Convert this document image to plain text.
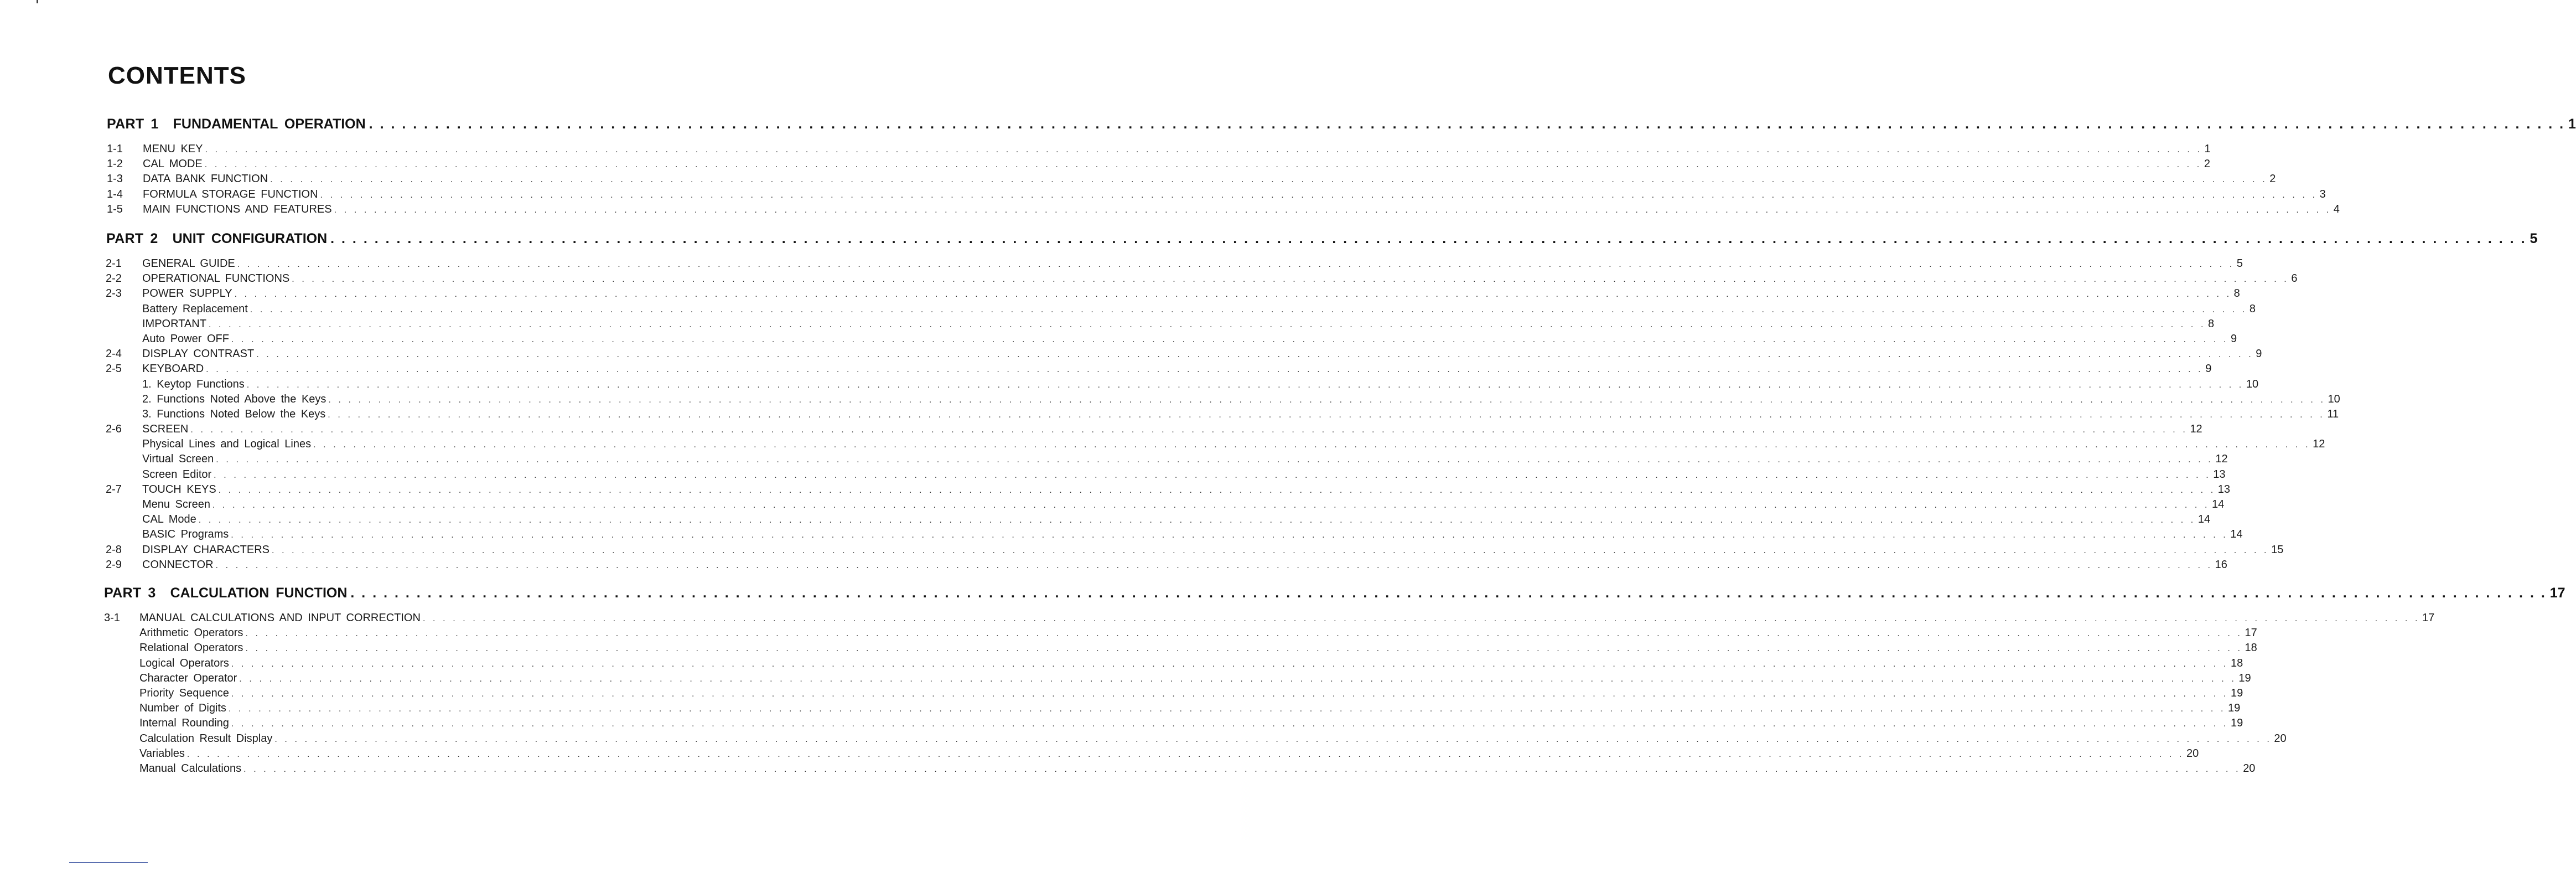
CONTENTS
PART 1 FUNDAMENTAL OPERATION . . . . . . . . . . . . . . . . . . . . . . . . . . . . . . . . . . . . . . . . . . . . . . . . . . . . . . . . . . . . . . . . . . . . . . . . . . . . . . . . . . . . . . . . . . . . . . . . . . . . . . . . . . . . . . . . . . . . . . . . . . . . . . . . . . . . . . . . . . . . . . . . . . . . . . . . . . . . . . . . . . . . . . . . . . . . . . . . . . . . . . . . . . . . . . . . . . . . . . . . 1
1-1 MENU KEY . . . . . . . . . . . . . . . . . . . . . . . . . . . . . . . . . . . . . . . . . . . . . . . . . . . . . . . . . . . . . . . . . . . . . . . . . . . . . . . . . . . . . . . . . . . . . . . . . . . . . . . . . . . . . . . . . . . . . . . . . . . . . . . . . . . . . . . . . . . . . . . . . . . . . . . . . . . . . . . . . . . . . . . . . . . . . . . . . . . . . . . . . . . . . . . . . . . . . . . . 1
1-2 CAL MODE . . . . . . . . . . . . . . . . . . . . . . . . . . . . . . . . . . . . . . . . . . . . . . . . . . . . . . . . . . . . . . . . . . . . . . . . . . . . . . . . . . . . . . . . . . . . . . . . . . . . . . . . . . . . . . . . . . . . . . . . . . . . . . . . . . . . . . . . . . . . . . . . . . . . . . . . . . . . . . . . . . . . . . . . . . . . . . . . . . . . . . . . . . . . . . . . . . . . . . . . 2
1-3 DATA BANK FUNCTION . . . . . . . . . . . . . . . . . . . . . . . . . . . . . . . . . . . . . . . . . . . . . . . . . . . . . . . . . . . . . . . . . . . . . . . . . . . . . . . . . . . . . . . . . . . . . . . . . . . . . . . . . . . . . . . . . . . . . . . . . . . . . . . . . . . . . . . . . . . . . . . . . . . . . . . . . . . . . . . . . . . . . . . . . . . . . . . . . . . . . . . . . . . . . . . . . . . . . . . . 2
1-4 FORMULA STORAGE FUNCTION . . . . . . . . . . . . . . . . . . . . . . . . . . . . . . . . . . . . . . . . . . . . . . . . . . . . . . . . . . . . . . . . . . . . . . . . . . . . . . . . . . . . . . . . . . . . . . . . . . . . . . . . . . . . . . . . . . . . . . . . . . . . . . . . . . . . . . . . . . . . . . . . . . . . . . . . . . . . . . . . . . . . . . . . . . . . . . . . . . . . . . . . . . . . . . . . . . . . . . . . 3
1-5 MAIN FUNCTIONS AND FEATURES . . . . . . . . . . . . . . . . . . . . . . . . . . . . . . . . . . . . . . . . . . . . . . . . . . . . . . . . . . . . . . . . . . . . . . . . . . . . . . . . . . . . . . . . . . . . . . . . . . . . . . . . . . . . . . . . . . . . . . . . . . . . . . . . . . . . . . . . . . . . . . . . . . . . . . . . . . . . . . . . . . . . . . . . . . . . . . . . . . . . . . . . . . . . . . . . . . . . . . . . 4
PART 2 UNIT CONFIGURATION . . . . . . . . . . . . . . . . . . . . . . . . . . . . . . . . . . . . . . . . . . . . . . . . . . . . . . . . . . . . . . . . . . . . . . . . . . . . . . . . . . . . . . . . . . . . . . . . . . . . . . . . . . . . . . . . . . . . . . . . . . . . . . . . . . . . . . . . . . . . . . . . . . . . . . . . . . . . . . . . . . . . . . . . . . . . . . . . . . . . . . . . . . . . . . . . . . . . . . . . 5
2-1 GENERAL GUIDE . . . . . . . . . . . . . . . . . . . . . . . . . . . . . . . . . . . . . . . . . . . . . . . . . . . . . . . . . . . . . . . . . . . . . . . . . . . . . . . . . . . . . . . . . . . . . . . . . . . . . . . . . . . . . . . . . . . . . . . . . . . . . . . . . . . . . . . . . . . . . . . . . . . . . . . . . . . . . . . . . . . . . . . . . . . . . . . . . . . . . . . . . . . . . . . . . . . . . . . . 5
2-2 OPERATIONAL FUNCTIONS . . . . . . . . . . . . . . . . . . . . . . . . . . . . . . . . . . . . . . . . . . . . . . . . . . . . . . . . . . . . . . . . . . . . . . . . . . . . . . . . . . . . . . . . . . . . . . . . . . . . . . . . . . . . . . . . . . . . . . . . . . . . . . . . . . . . . . . . . . . . . . . . . . . . . . . . . . . . . . . . . . . . . . . . . . . . . . . . . . . . . . . . . . . . . . . . . . . . . . . . 6
2-3 POWER SUPPLY . . . . . . . . . . . . . . . . . . . . . . . . . . . . . . . . . . . . . . . . . . . . . . . . . . . . . . . . . . . . . . . . . . . . . . . . . . . . . . . . . . . . . . . . . . . . . . . . . . . . . . . . . . . . . . . . . . . . . . . . . . . . . . . . . . . . . . . . . . . . . . . . . . . . . . . . . . . . . . . . . . . . . . . . . . . . . . . . . . . . . . . . . . . . . . . . . . . . . . . . 8
Battery Replacement . . . . . . . . . . . . . . . . . . . . . . . . . . . . . . . . . . . . . . . . . . . . . . . . . . . . . . . . . . . . . . . . . . . . . . . . . . . . . . . . . . . . . . . . . . . . . . . . . . . . . . . . . . . . . . . . . . . . . . . . . . . . . . . . . . . . . . . . . . . . . . . . . . . . . . . . . . . . . . . . . . . . . . . . . . . . . . . . . . . . . . . . . . . . . . . . . . . . . . . . 8
IMPORTANT . . . . . . . . . . . . . . . . . . . . . . . . . . . . . . . . . . . . . . . . . . . . . . . . . . . . . . . . . . . . . . . . . . . . . . . . . . . . . . . . . . . . . . . . . . . . . . . . . . . . . . . . . . . . . . . . . . . . . . . . . . . . . . . . . . . . . . . . . . . . . . . . . . . . . . . . . . . . . . . . . . . . . . . . . . . . . . . . . . . . . . . . . . . . . . . . . . . . . . . . 8
Auto Power OFF . . . . . . . . . . . . . . . . . . . . . . . . . . . . . . . . . . . . . . . . . . . . . . . . . . . . . . . . . . . . . . . . . . . . . . . . . . . . . . . . . . . . . . . . . . . . . . . . . . . . . . . . . . . . . . . . . . . . . . . . . . . . . . . . . . . . . . . . . . . . . . . . . . . . . . . . . . . . . . . . . . . . . . . . . . . . . . . . . . . . . . . . . . . . . . . . . . . . . . . . 9
2-4 DISPLAY CONTRAST . . . . . . . . . . . . . . . . . . . . . . . . . . . . . . . . . . . . . . . . . . . . . . . . . . . . . . . . . . . . . . . . . . . . . . . . . . . . . . . . . . . . . . . . . . . . . . . . . . . . . . . . . . . . . . . . . . . . . . . . . . . . . . . . . . . . . . . . . . . . . . . . . . . . . . . . . . . . . . . . . . . . . . . . . . . . . . . . . . . . . . . . . . . . . . . . . . . . . . . . 9
2-5 KEYBOARD . . . . . . . . . . . . . . . . . . . . . . . . . . . . . . . . . . . . . . . . . . . . . . . . . . . . . . . . . . . . . . . . . . . . . . . . . . . . . . . . . . . . . . . . . . . . . . . . . . . . . . . . . . . . . . . . . . . . . . . . . . . . . . . . . . . . . . . . . . . . . . . . . . . . . . . . . . . . . . . . . . . . . . . . . . . . . . . . . . . . . . . . . . . . . . . . . . . . . . . . 9
1. Keytop Functions . . . . . . . . . . . . . . . . . . . . . . . . . . . . . . . . . . . . . . . . . . . . . . . . . . . . . . . . . . . . . . . . . . . . . . . . . . . . . . . . . . . . . . . . . . . . . . . . . . . . . . . . . . . . . . . . . . . . . . . . . . . . . . . . . . . . . . . . . . . . . . . . . . . . . . . . . . . . . . . . . . . . . . . . . . . . . . . . . . . . . . . . . . . . . . . . . . . . . . . . 10
2. Functions Noted Above the Keys . . . . . . . . . . . . . . . . . . . . . . . . . . . . . . . . . . . . . . . . . . . . . . . . . . . . . . . . . . . . . . . . . . . . . . . . . . . . . . . . . . . . . . . . . . . . . . . . . . . . . . . . . . . . . . . . . . . . . . . . . . . . . . . . . . . . . . . . . . . . . . . . . . . . . . . . . . . . . . . . . . . . . . . . . . . . . . . . . . . . . . . . . . . . . . . . . . . . . . . . 10
3. Functions Noted Below the Keys . . . . . . . . . . . . . . . . . . . . . . . . . . . . . . . . . . . . . . . . . . . . . . . . . . . . . . . . . . . . . . . . . . . . . . . . . . . . . . . . . . . . . . . . . . . . . . . . . . . . . . . . . . . . . . . . . . . . . . . . . . . . . . . . . . . . . . . . . . . . . . . . . . . . . . . . . . . . . . . . . . . . . . . . . . . . . . . . . . . . . . . . . . . . . . . . . . . . . . . . 11
2-6 SCREEN . . . . . . . . . . . . . . . . . . . . . . . . . . . . . . . . . . . . . . . . . . . . . . . . . . . . . . . . . . . . . . . . . . . . . . . . . . . . . . . . . . . . . . . . . . . . . . . . . . . . . . . . . . . . . . . . . . . . . . . . . . . . . . . . . . . . . . . . . . . . . . . . . . . . . . . . . . . . . . . . . . . . . . . . . . . . . . . . . . . . . . . . . . . . . . . . . . . . . . . . 12
Physical Lines and Logical Lines . . . . . . . . . . . . . . . . . . . . . . . . . . . . . . . . . . . . . . . . . . . . . . . . . . . . . . . . . . . . . . . . . . . . . . . . . . . . . . . . . . . . . . . . . . . . . . . . . . . . . . . . . . . . . . . . . . . . . . . . . . . . . . . . . . . . . . . . . . . . . . . . . . . . . . . . . . . . . . . . . . . . . . . . . . . . . . . . . . . . . . . . . . . . . . . . . . . . . . . . 12
Virtual Screen . . . . . . . . . . . . . . . . . . . . . . . . . . . . . . . . . . . . . . . . . . . . . . . . . . . . . . . . . . . . . . . . . . . . . . . . . . . . . . . . . . . . . . . . . . . . . . . . . . . . . . . . . . . . . . . . . . . . . . . . . . . . . . . . . . . . . . . . . . . . . . . . . . . . . . . . . . . . . . . . . . . . . . . . . . . . . . . . . . . . . . . . . . . . . . . . . . . . . . . . 12
Screen Editor . . . . . . . . . . . . . . . . . . . . . . . . . . . . . . . . . . . . . . . . . . . . . . . . . . . . . . . . . . . . . . . . . . . . . . . . . . . . . . . . . . . . . . . . . . . . . . . . . . . . . . . . . . . . . . . . . . . . . . . . . . . . . . . . . . . . . . . . . . . . . . . . . . . . . . . . . . . . . . . . . . . . . . . . . . . . . . . . . . . . . . . . . . . . . . . . . . . . . . . . 13
2-7 TOUCH KEYS . . . . . . . . . . . . . . . . . . . . . . . . . . . . . . . . . . . . . . . . . . . . . . . . . . . . . . . . . . . . . . . . . . . . . . . . . . . . . . . . . . . . . . . . . . . . . . . . . . . . . . . . . . . . . . . . . . . . . . . . . . . . . . . . . . . . . . . . . . . . . . . . . . . . . . . . . . . . . . . . . . . . . . . . . . . . . . . . . . . . . . . . . . . . . . . . . . . . . . . . 13
Menu Screen . . . . . . . . . . . . . . . . . . . . . . . . . . . . . . . . . . . . . . . . . . . . . . . . . . . . . . . . . . . . . . . . . . . . . . . . . . . . . . . . . . . . . . . . . . . . . . . . . . . . . . . . . . . . . . . . . . . . . . . . . . . . . . . . . . . . . . . . . . . . . . . . . . . . . . . . . . . . . . . . . . . . . . . . . . . . . . . . . . . . . . . . . . . . . . . . . . . . . . . . 14
CAL Mode . . . . . . . . . . . . . . . . . . . . . . . . . . . . . . . . . . . . . . . . . . . . . . . . . . . . . . . . . . . . . . . . . . . . . . . . . . . . . . . . . . . . . . . . . . . . . . . . . . . . . . . . . . . . . . . . . . . . . . . . . . . . . . . . . . . . . . . . . . . . . . . . . . . . . . . . . . . . . . . . . . . . . . . . . . . . . . . . . . . . . . . . . . . . . . . . . . . . . . . . 14
BASIC Programs . . . . . . . . . . . . . . . . . . . . . . . . . . . . . . . . . . . . . . . . . . . . . . . . . . . . . . . . . . . . . . . . . . . . . . . . . . . . . . . . . . . . . . . . . . . . . . . . . . . . . . . . . . . . . . . . . . . . . . . . . . . . . . . . . . . . . . . . . . . . . . . . . . . . . . . . . . . . . . . . . . . . . . . . . . . . . . . . . . . . . . . . . . . . . . . . . . . . . . . . 14
2-8 DISPLAY CHARACTERS . . . . . . . . . . . . . . . . . . . . . . . . . . . . . . . . . . . . . . . . . . . . . . . . . . . . . . . . . . . . . . . . . . . . . . . . . . . . . . . . . . . . . . . . . . . . . . . . . . . . . . . . . . . . . . . . . . . . . . . . . . . . . . . . . . . . . . . . . . . . . . . . . . . . . . . . . . . . . . . . . . . . . . . . . . . . . . . . . . . . . . . . . . . . . . . . . . . . . . . . 15
2-9 CONNECTOR . . . . . . . . . . . . . . . . . . . . . . . . . . . . . . . . . . . . . . . . . . . . . . . . . . . . . . . . . . . . . . . . . . . . . . . . . . . . . . . . . . . . . . . . . . . . . . . . . . . . . . . . . . . . . . . . . . . . . . . . . . . . . . . . . . . . . . . . . . . . . . . . . . . . . . . . . . . . . . . . . . . . . . . . . . . . . . . . . . . . . . . . . . . . . . . . . . . . . . . . 16
PART 3 CALCULATION FUNCTION . . . . . . . . . . . . . . . . . . . . . . . . . . . . . . . . . . . . . . . . . . . . . . . . . . . . . . . . . . . . . . . . . . . . . . . . . . . . . . . . . . . . . . . . . . . . . . . . . . . . . . . . . . . . . . . . . . . . . . . . . . . . . . . . . . . . . . . . . . . . . . . . . . . . . . . . . . . . . . . . . . . . . . . . . . . . . . . . . . . . . . . . . . . . . . . . . . . . . . . . 17
3-1 MANUAL CALCULATIONS AND INPUT CORRECTION . . . . . . . . . . . . . . . . . . . . . . . . . . . . . . . . . . . . . . . . . . . . . . . . . . . . . . . . . . . . . . . . . . . . . . . . . . . . . . . . . . . . . . . . . . . . . . . . . . . . . . . . . . . . . . . . . . . . . . . . . . . . . . . . . . . . . . . . . . . . . . . . . . . . . . . . . . . . . . . . . . . . . . . . . . . . . . . . . . . . . . . . . . . . . . . . . . . . . . . . 17
Arithmetic Operators . . . . . . . . . . . . . . . . . . . . . . . . . . . . . . . . . . . . . . . . . . . . . . . . . . . . . . . . . . . . . . . . . . . . . . . . . . . . . . . . . . . . . . . . . . . . . . . . . . . . . . . . . . . . . . . . . . . . . . . . . . . . . . . . . . . . . . . . . . . . . . . . . . . . . . . . . . . . . . . . . . . . . . . . . . . . . . . . . . . . . . . . . . . . . . . . . . . . . . . . 17
Relational Operators . . . . . . . . . . . . . . . . . . . . . . . . . . . . . . . . . . . . . . . . . . . . . . . . . . . . . . . . . . . . . . . . . . . . . . . . . . . . . . . . . . . . . . . . . . . . . . . . . . . . . . . . . . . . . . . . . . . . . . . . . . . . . . . . . . . . . . . . . . . . . . . . . . . . . . . . . . . . . . . . . . . . . . . . . . . . . . . . . . . . . . . . . . . . . . . . . . . . . . . . 18
Logical Operators . . . . . . . . . . . . . . . . . . . . . . . . . . . . . . . . . . . . . . . . . . . . . . . . . . . . . . . . . . . . . . . . . . . . . . . . . . . . . . . . . . . . . . . . . . . . . . . . . . . . . . . . . . . . . . . . . . . . . . . . . . . . . . . . . . . . . . . . . . . . . . . . . . . . . . . . . . . . . . . . . . . . . . . . . . . . . . . . . . . . . . . . . . . . . . . . . . . . . . . . 18
Character Operator . . . . . . . . . . . . . . . . . . . . . . . . . . . . . . . . . . . . . . . . . . . . . . . . . . . . . . . . . . . . . . . . . . . . . . . . . . . . . . . . . . . . . . . . . . . . . . . . . . . . . . . . . . . . . . . . . . . . . . . . . . . . . . . . . . . . . . . . . . . . . . . . . . . . . . . . . . . . . . . . . . . . . . . . . . . . . . . . . . . . . . . . . . . . . . . . . . . . . . . . 19
Priority Sequence . . . . . . . . . . . . . . . . . . . . . . . . . . . . . . . . . . . . . . . . . . . . . . . . . . . . . . . . . . . . . . . . . . . . . . . . . . . . . . . . . . . . . . . . . . . . . . . . . . . . . . . . . . . . . . . . . . . . . . . . . . . . . . . . . . . . . . . . . . . . . . . . . . . . . . . . . . . . . . . . . . . . . . . . . . . . . . . . . . . . . . . . . . . . . . . . . . . . . . . . 19
Number of Digits . . . . . . . . . . . . . . . . . . . . . . . . . . . . . . . . . . . . . . . . . . . . . . . . . . . . . . . . . . . . . . . . . . . . . . . . . . . . . . . . . . . . . . . . . . . . . . . . . . . . . . . . . . . . . . . . . . . . . . . . . . . . . . . . . . . . . . . . . . . . . . . . . . . . . . . . . . . . . . . . . . . . . . . . . . . . . . . . . . . . . . . . . . . . . . . . . . . . . . . . 19
Internal Rounding . . . . . . . . . . . . . . . . . . . . . . . . . . . . . . . . . . . . . . . . . . . . . . . . . . . . . . . . . . . . . . . . . . . . . . . . . . . . . . . . . . . . . . . . . . . . . . . . . . . . . . . . . . . . . . . . . . . . . . . . . . . . . . . . . . . . . . . . . . . . . . . . . . . . . . . . . . . . . . . . . . . . . . . . . . . . . . . . . . . . . . . . . . . . . . . . . . . . . . . . 19
Calculation Result Display . . . . . . . . . . . . . . . . . . . . . . . . . . . . . . . . . . . . . . . . . . . . . . . . . . . . . . . . . . . . . . . . . . . . . . . . . . . . . . . . . . . . . . . . . . . . . . . . . . . . . . . . . . . . . . . . . . . . . . . . . . . . . . . . . . . . . . . . . . . . . . . . . . . . . . . . . . . . . . . . . . . . . . . . . . . . . . . . . . . . . . . . . . . . . . . . . . . . . . . . 20
Variables . . . . . . . . . . . . . . . . . . . . . . . . . . . . . . . . . . . . . . . . . . . . . . . . . . . . . . . . . . . . . . . . . . . . . . . . . . . . . . . . . . . . . . . . . . . . . . . . . . . . . . . . . . . . . . . . . . . . . . . . . . . . . . . . . . . . . . . . . . . . . . . . . . . . . . . . . . . . . . . . . . . . . . . . . . . . . . . . . . . . . . . . . . . . . . . . . . . . . . . . 20
Manual Calculations . . . . . . . . . . . . . . . . . . . . . . . . . . . . . . . . . . . . . . . . . . . . . . . . . . . . . . . . . . . . . . . . . . . . . . . . . . . . . . . . . . . . . . . . . . . . . . . . . . . . . . . . . . . . . . . . . . . . . . . . . . . . . . . . . . . . . . . . . . . . . . . . . . . . . . . . . . . . . . . . . . . . . . . . . . . . . . . . . . . . . . . . . . . . . . . . . . . . . . . . 20
